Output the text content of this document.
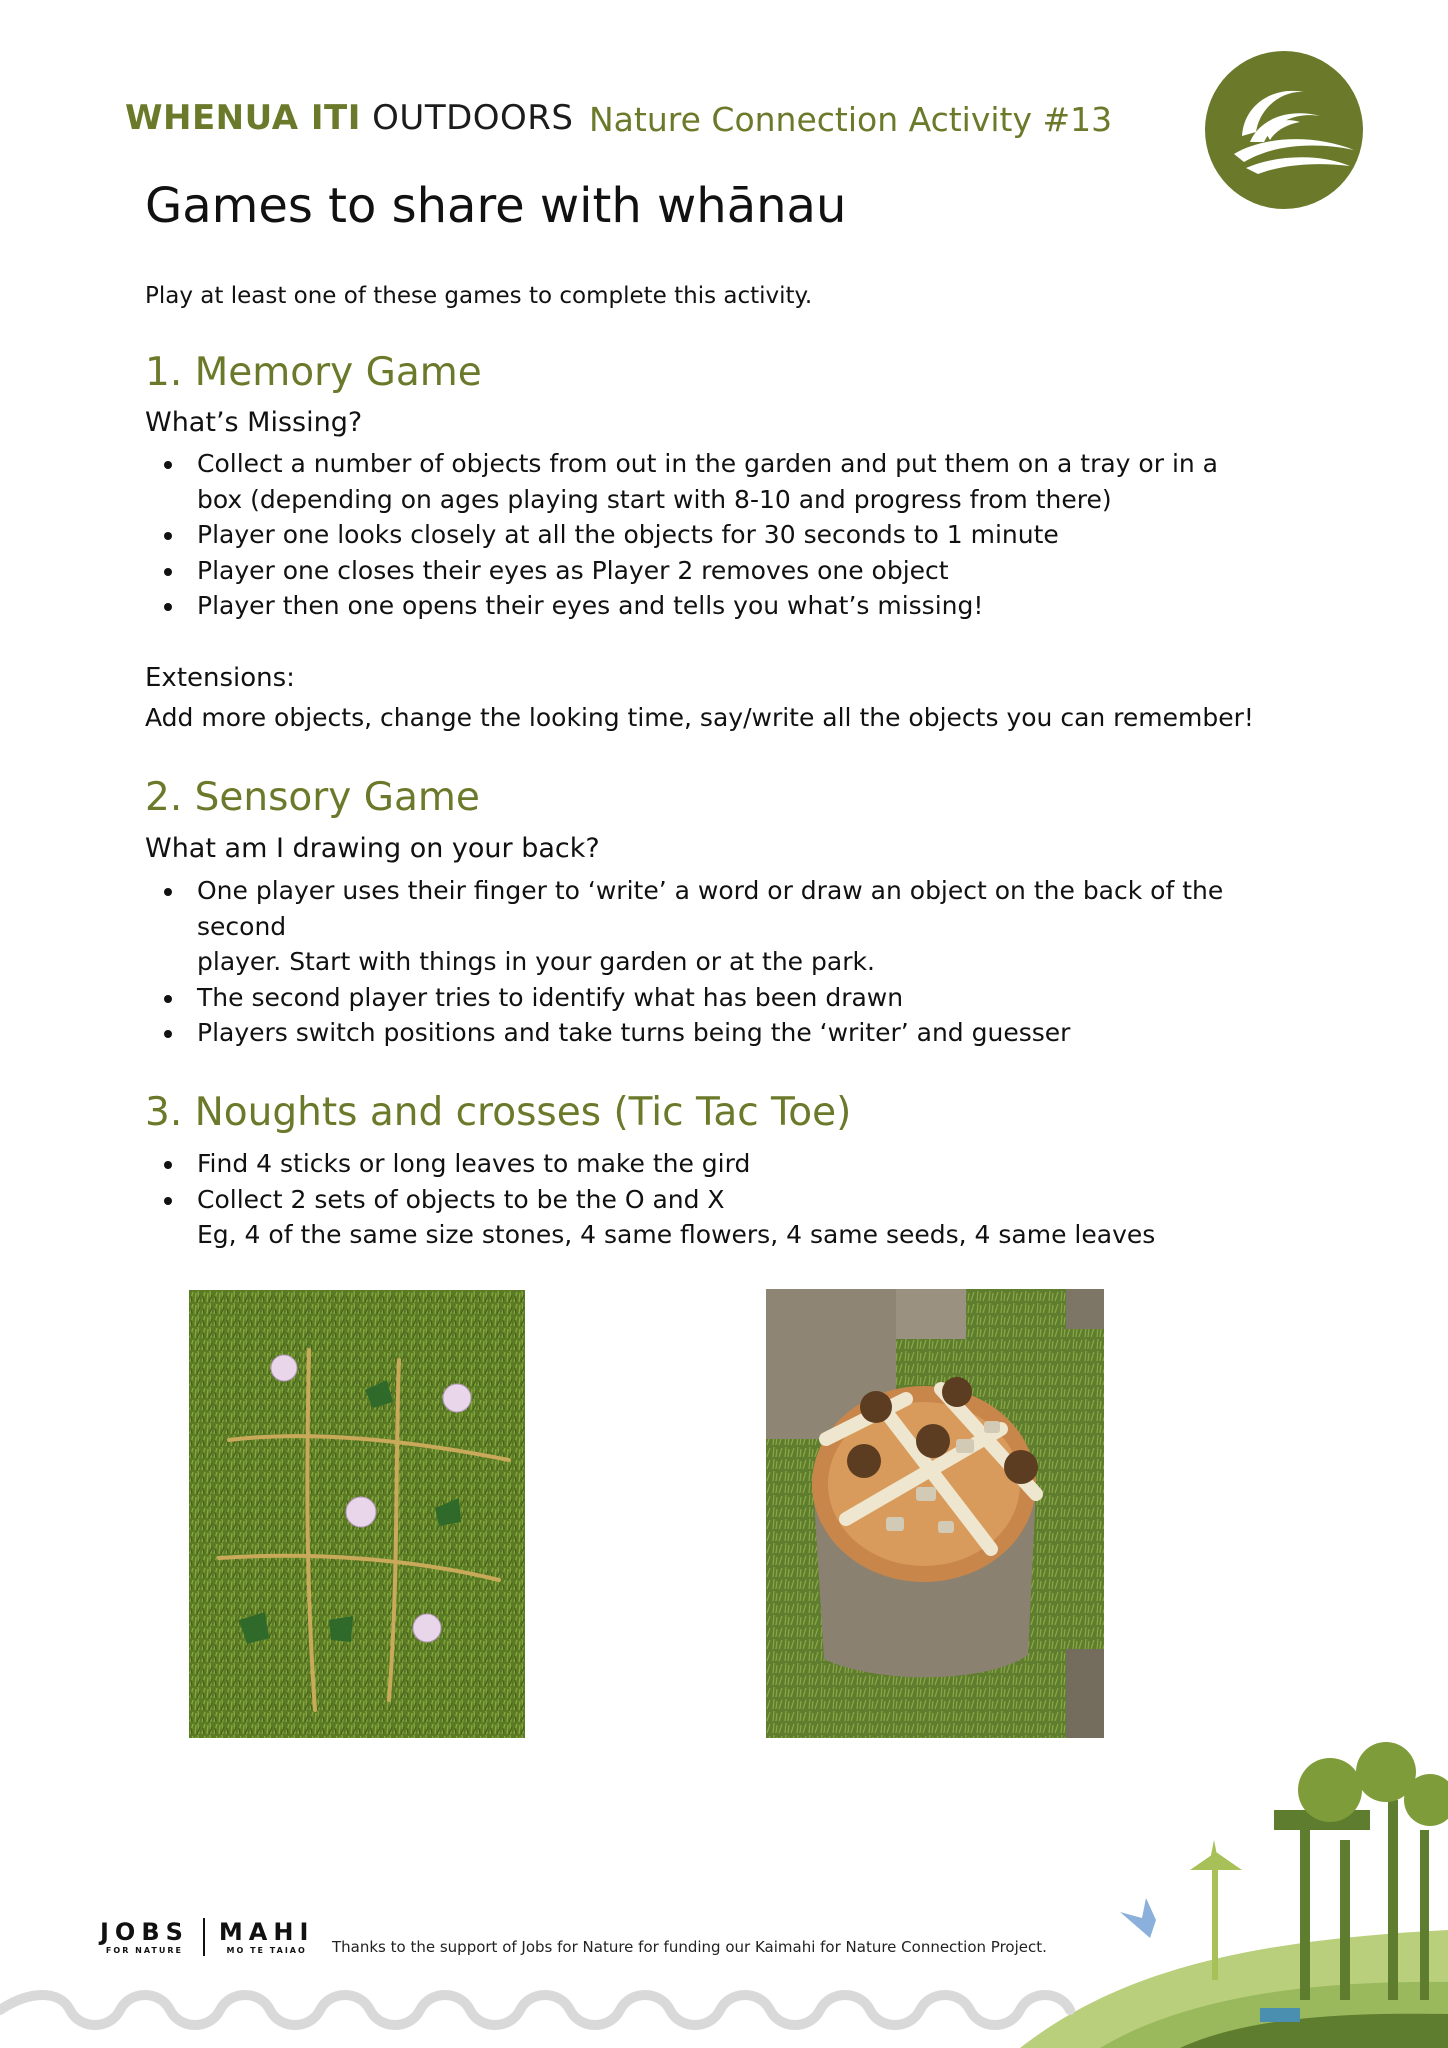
WHENUA ITI OUTDOORS Nature Connection Activity #13
Games to share with whānau
Play at least one of these games to complete this activity.
1. Memory Game
What’s Missing?
Collect a number of objects from out in the garden and put them on a tray or in a
box (depending on ages playing start with 8-10 and progress from there)
Player one looks closely at all the objects for 30 seconds to 1 minute
Player one closes their eyes as Player 2 removes one object
Player then one opens their eyes and tells you what’s missing!
Extensions:
Add more objects, change the looking time, say/write all the objects you can remember!
2. Sensory Game
What am I drawing on your back?
One player uses their finger to ‘write’ a word or draw an object on the back of the second
player. Start with things in your garden or at the park.
The second player tries to identify what has been drawn
Players switch positions and take turns being the ‘writer’ and guesser
3. Noughts and crosses (Tic Tac Toe)
Find 4 sticks or long leaves to make the gird
Collect 2 sets of objects to be the O and X
Eg, 4 of the same size stones, 4 same flowers, 4 same seeds, 4 same leaves
JOBS
FOR NATURE
MAHI
MO TE TAIAO	Thanks to the support of Jobs for Nature for funding our Kaimahi for Nature Connection Project.
